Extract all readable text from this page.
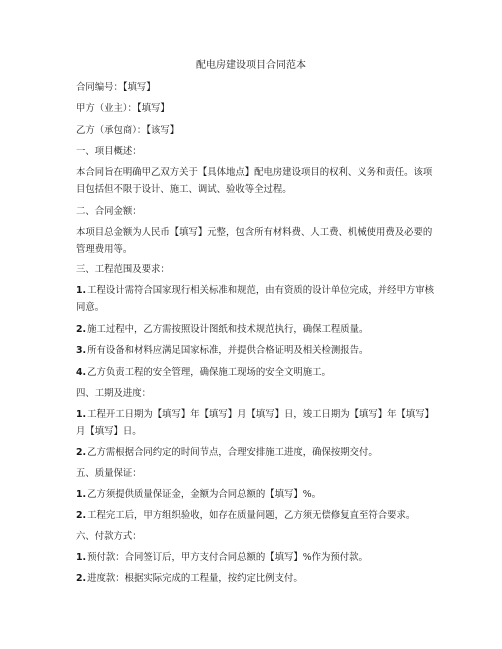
配电房建设项目合同范本
合同编号：【填写】
甲方（业主）：【填写】
乙方（承包商）：【该写】
一、项目概述：
本合同旨在明确甲乙双方关于【具体地点】配电房建设项目的权利、义务和责任。该项目包括但不限于设计、施工、调试、验收等全过程。
二、合同金额：
本项目总金额为人民币【填写】元整，包含所有材料费、人工费、机械使用费及必要的管理费用等。
三、工程范围及要求：
1.工程设计需符合国家现行相关标准和规范，由有资质的设计单位完成，并经甲方审核同意。
2.施工过程中，乙方需按照设计图纸和技术规范执行，确保工程质量。
3.所有设备和材料应满足国家标准，并提供合格证明及相关检测报告。
4.乙方负责工程的安全管理，确保施工现场的安全文明施工。
四、工期及进度：
1.工程开工日期为【填写】年【填写】月【填写】日，竣工日期为【填写】年【填写】月【填写】日。
2.乙方需根据合同约定的时间节点，合理安排施工进度，确保按期交付。
五、质量保证：
1.乙方须提供质量保证金，金额为合同总额的【填写】%。
2.工程完工后，甲方组织验收，如存在质量问题，乙方须无偿修复直至符合要求。
六、付款方式：
1.预付款：合同签订后，甲方支付合同总额的【填写】%作为预付款。
2.进度款：根据实际完成的工程量，按约定比例支付。
